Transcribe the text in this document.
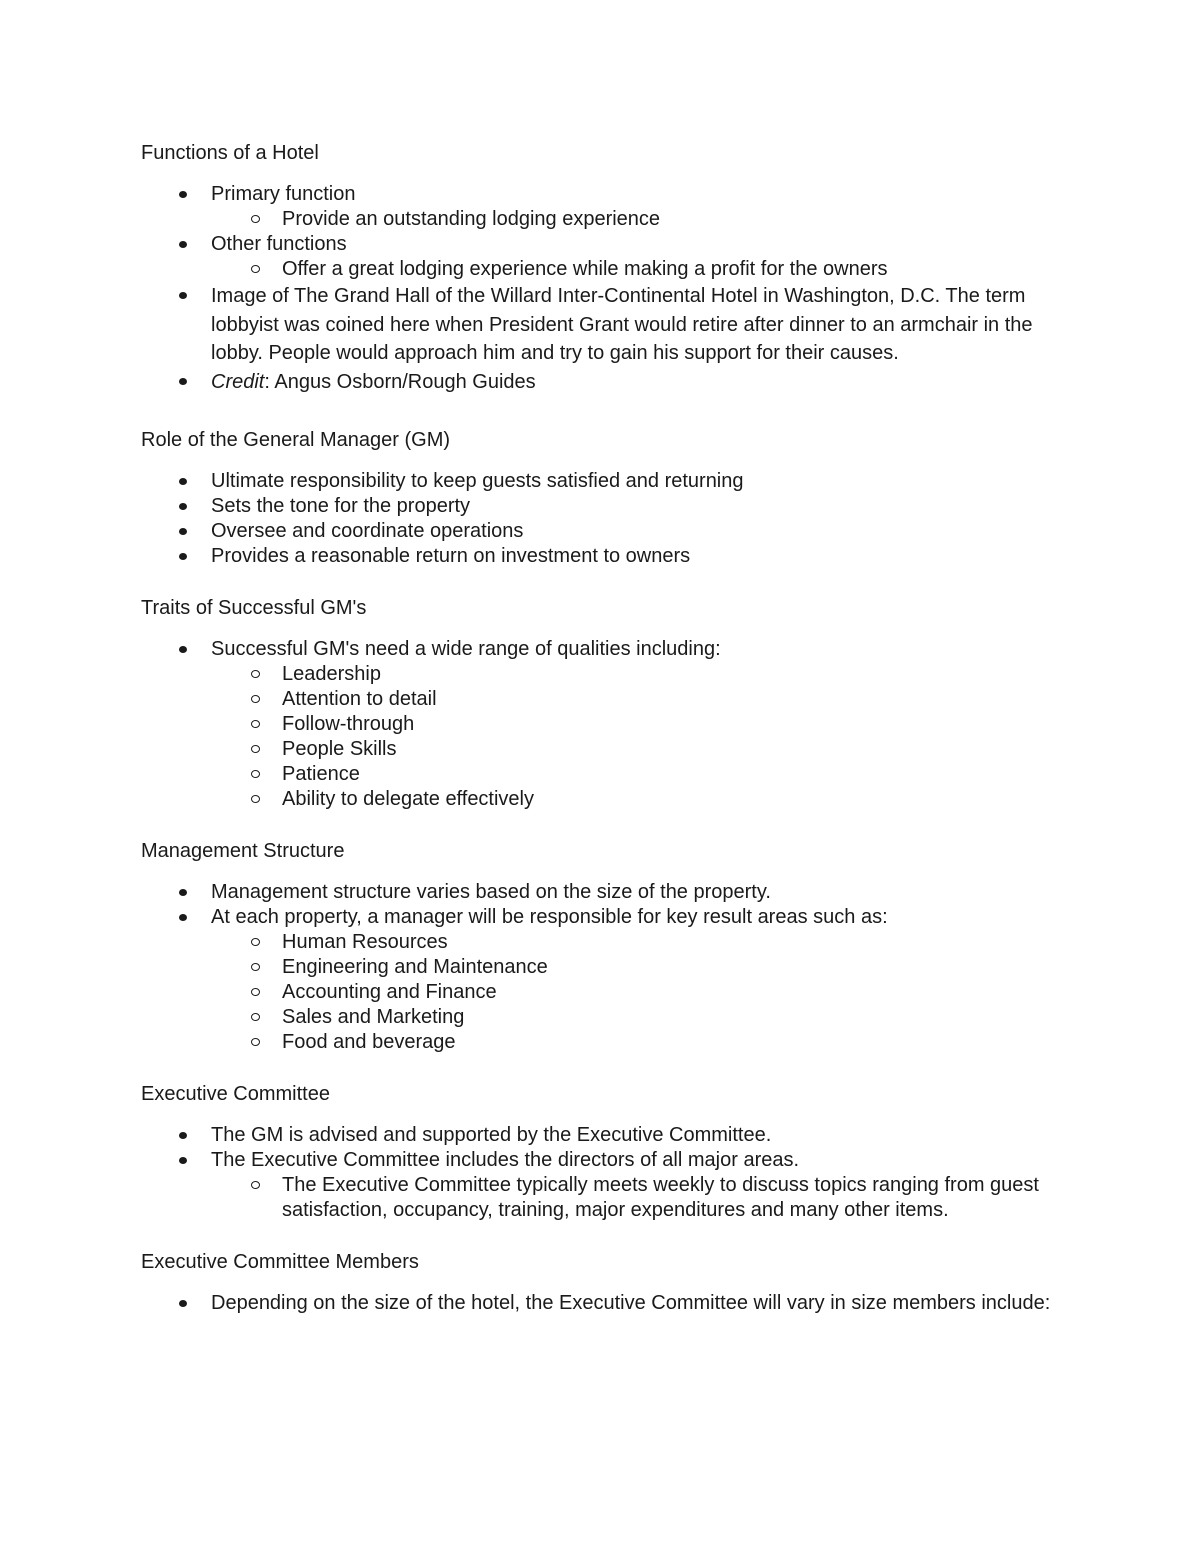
Functions of a Hotel
Primary function
Provide an outstanding lodging experience
Other functions
Offer a great lodging experience while making a profit for the owners
Image of The Grand Hall of the Willard Inter-Continental Hotel in Washington, D.C. The term lobbyist was coined here when President Grant would retire after dinner to an armchair in the lobby. People would approach him and try to gain his support for their causes.
Credit: Angus Osborn/Rough Guides
Role of the General Manager (GM)
Ultimate responsibility to keep guests satisfied and returning
Sets the tone for the property
Oversee and coordinate operations
Provides a reasonable return on investment to owners
Traits of Successful GM's
Successful GM's need a wide range of qualities including:
Leadership
Attention to detail
Follow-through
People Skills
Patience
Ability to delegate effectively
Management Structure
Management structure varies based on the size of the property.
At each property, a manager will be responsible for key result areas such as:
Human Resources
Engineering and Maintenance
Accounting and Finance
Sales and Marketing
Food and beverage
Executive Committee
The GM is advised and supported by the Executive Committee.
The Executive Committee includes the directors of all major areas.
The Executive Committee typically meets weekly to discuss topics ranging from guest satisfaction, occupancy, training, major expenditures and many other items.
Executive Committee Members
Depending on the size of the hotel, the Executive Committee will vary in size members include:
